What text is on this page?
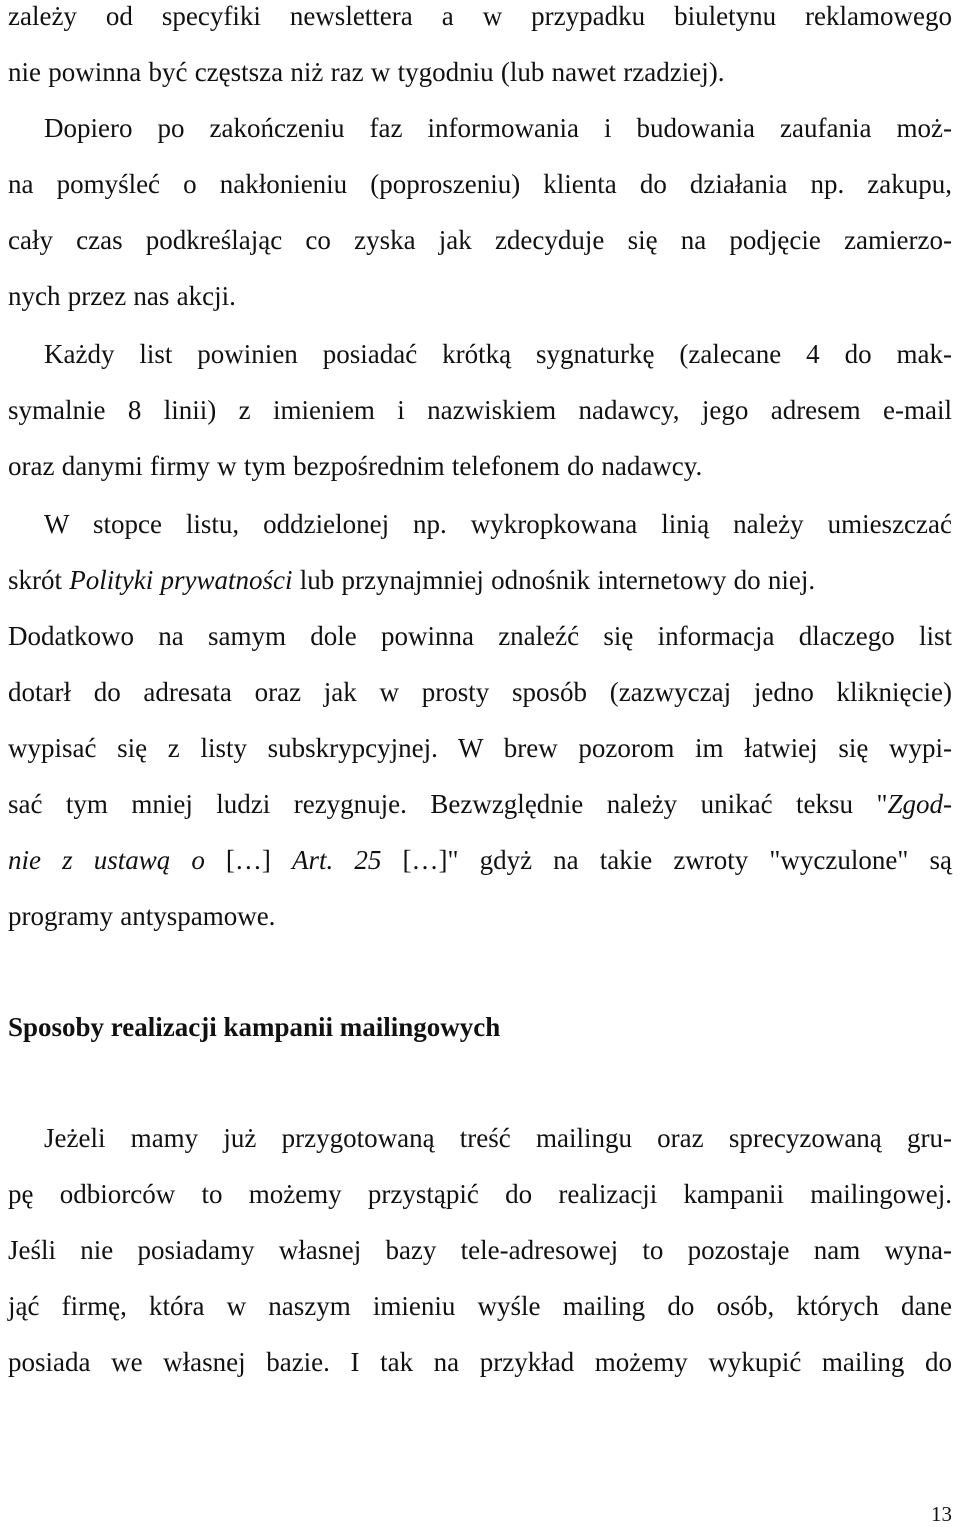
zależy od specyfiki newslettera a w przypadku biuletynu reklamowego
nie powinna być częstsza niż raz w tygodniu (lub nawet rzadziej).
Dopiero po zakończeniu faz informowania i budowania zaufania moż-
na pomyśleć o nakłonieniu (poproszeniu) klienta do działania np. zakupu,
cały czas podkreślając co zyska jak zdecyduje się na podjęcie zamierzo-
nych przez nas akcji.
Każdy list powinien posiadać krótką sygnaturkę (zalecane 4 do mak-
symalnie 8 linii) z imieniem i nazwiskiem nadawcy, jego adresem e-mail
oraz danymi firmy w tym bezpośrednim telefonem do nadawcy.
W stopce listu, oddzielonej np. wykropkowana linią należy umieszczać
skrót Polityki prywatności lub przynajmniej odnośnik internetowy do niej.
Dodatkowo na samym dole powinna znaleźć się informacja dlaczego list
dotarł do adresata oraz jak w prosty sposób (zazwyczaj jedno kliknięcie)
wypisać się z listy subskrypcyjnej. W brew pozorom im łatwiej się wypi-
sać tym mniej ludzi rezygnuje. Bezwzględnie należy unikać teksu "Zgod-
nie z ustawą o […] Art. 25 […]" gdyż na takie zwroty "wyczulone" są
programy antyspamowe.
Sposoby realizacji kampanii mailingowych
Jeżeli mamy już przygotowaną treść mailingu oraz sprecyzowaną gru-
pę odbiorców to możemy przystąpić do realizacji kampanii mailingowej.
Jeśli nie posiadamy własnej bazy tele-adresowej to pozostaje nam wyna-
jąć firmę, która w naszym imieniu wyśle mailing do osób, których dane
posiada we własnej bazie. I tak na przykład możemy wykupić mailing do
13
